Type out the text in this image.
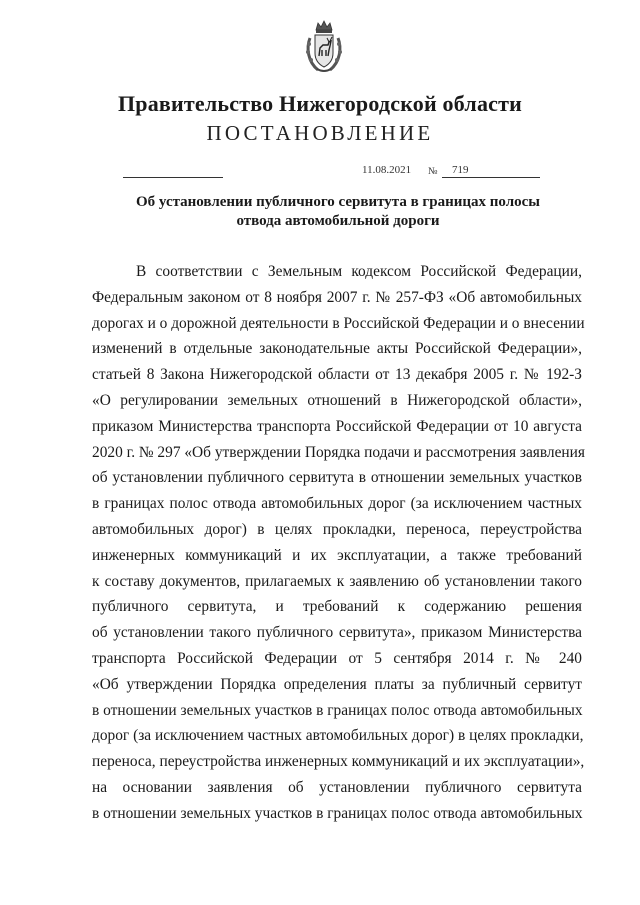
Правительство Нижегородской области
ПОСТАНОВЛЕНИЕ
11.08.2021 № 719
Об установлении публичного сервитута в границах полосы
отвода автомобильной дороги
В соответствии с Земельным кодексом Российской Федерации,
Федеральным законом от 8 ноября 2007 г. № 257-ФЗ «Об автомобильных
дорогах и о дорожной деятельности в Российской Федерации и о внесении
изменений в отдельные законодательные акты Российской Федерации»,
статьей 8 Закона Нижегородской области от 13 декабря 2005 г. № 192-З
«О регулировании земельных отношений в Нижегородской области»,
приказом Министерства транспорта Российской Федерации от 10 августа
2020 г. № 297 «Об утверждении Порядка подачи и рассмотрения заявления
об установлении публичного сервитута в отношении земельных участков
в границах полос отвода автомобильных дорог (за исключением частных
автомобильных дорог) в целях прокладки, переноса, переустройства
инженерных коммуникаций и их эксплуатации, а также требований
к составу документов, прилагаемых к заявлению об установлении такого
публичного сервитута, и требований к содержанию решения
об установлении такого публичного сервитута», приказом Министерства
транспорта Российской Федерации от 5 сентября 2014 г. № 240
«Об утверждении Порядка определения платы за публичный сервитут
в отношении земельных участков в границах полос отвода автомобильных
дорог (за исключением частных автомобильных дорог) в целях прокладки,
переноса, переустройства инженерных коммуникаций и их эксплуатации»,
на основании заявления об установлении публичного сервитута
в отношении земельных участков в границах полос отвода автомобильных
